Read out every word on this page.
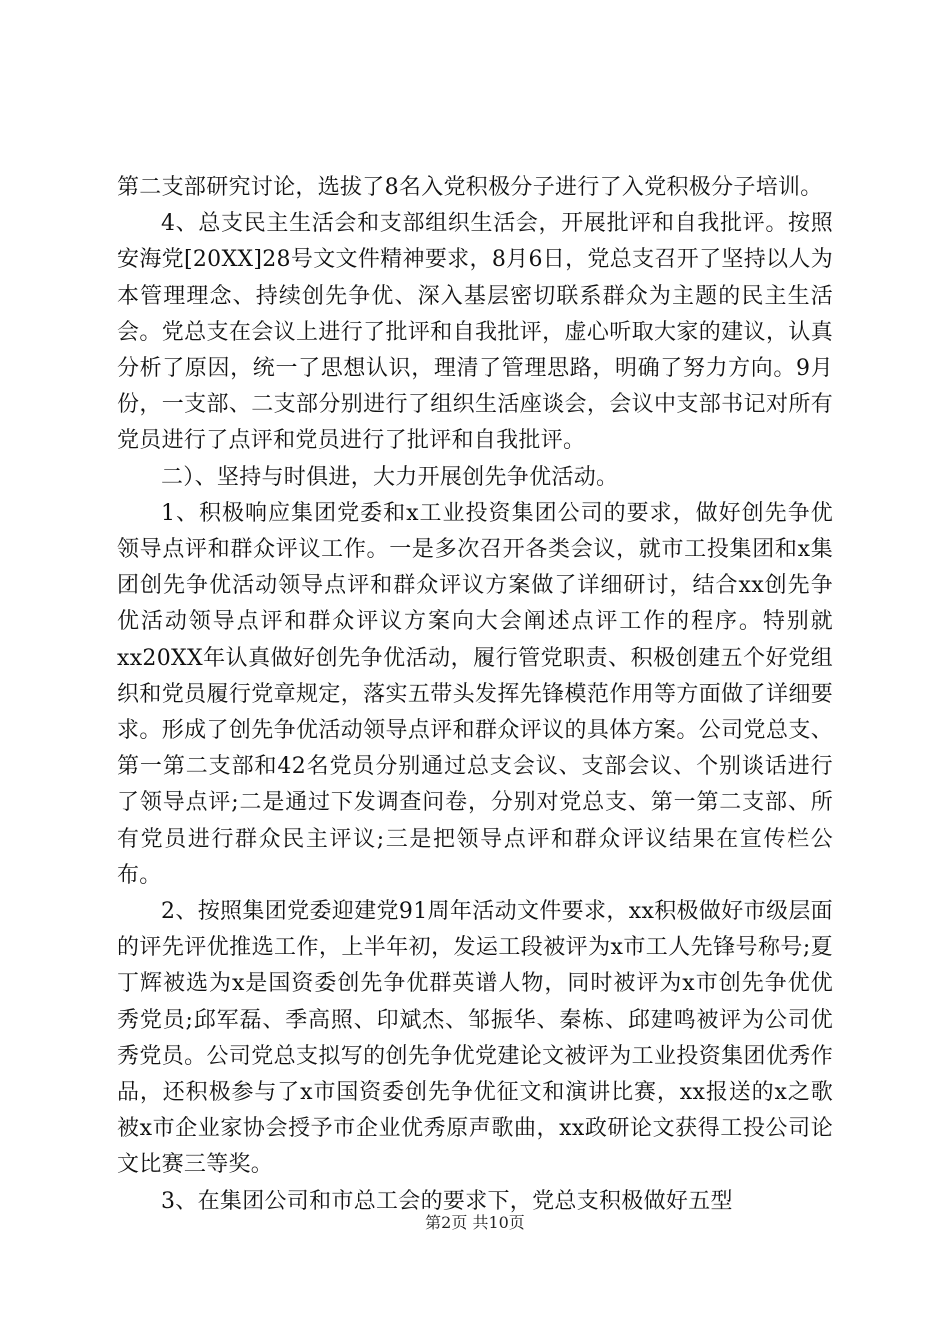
第二支部研究讨论，选拔了8名入党积极分子进行了入党积极分子培训。

4、总支民主生活会和支部组织生活会，开展批评和自我批评。按照安海党[20XX]28号文文件精神要求，8月6日，党总支召开了坚持以人为本管理理念、持续创先争优、深入基层密切联系群众为主题的民主生活会。党总支在会议上进行了批评和自我批评，虚心听取大家的建议，认真分析了原因，统一了思想认识，理清了管理思路，明确了努力方向。9月份，一支部、二支部分别进行了组织生活座谈会，会议中支部书记对所有党员进行了点评和党员进行了批评和自我批评。

二）、坚持与时俱进，大力开展创先争优活动。

1、积极响应集团党委和x工业投资集团公司的要求，做好创先争优领导点评和群众评议工作。一是多次召开各类会议，就市工投集团和x集团创先争优活动领导点评和群众评议方案做了详细研讨，结合xx创先争优活动领导点评和群众评议方案向大会阐述点评工作的程序。特别就xx20XX年认真做好创先争优活动，履行管党职责、积极创建五个好党组织和党员履行党章规定，落实五带头发挥先锋模范作用等方面做了详细要求。形成了创先争优活动领导点评和群众评议的具体方案。公司党总支、第一第二支部和42名党员分别通过总支会议、支部会议、个别谈话进行了领导点评;二是通过下发调查问卷，分别对党总支、第一第二支部、所有党员进行群众民主评议;三是把领导点评和群众评议结果在宣传栏公布。

2、按照集团党委迎建党91周年活动文件要求，xx积极做好市级层面的评先评优推选工作，上半年初，发运工段被评为x市工人先锋号称号;夏丁辉被选为x是国资委创先争优群英谱人物，同时被评为x市创先争优优秀党员;邱军磊、季高照、印斌杰、邹振华、秦栋、邱建鸣被评为公司优秀党员。公司党总支拟写的创先争优党建论文被评为工业投资集团优秀作品，还积极参与了x市国资委创先争优征文和演讲比赛，xx报送的x之歌被x市企业家协会授予市企业优秀原声歌曲，xx政研论文获得工投公司论文比赛三等奖。

3、在集团公司和市总工会的要求下，党总支积极做好五型

第2页 共10页
